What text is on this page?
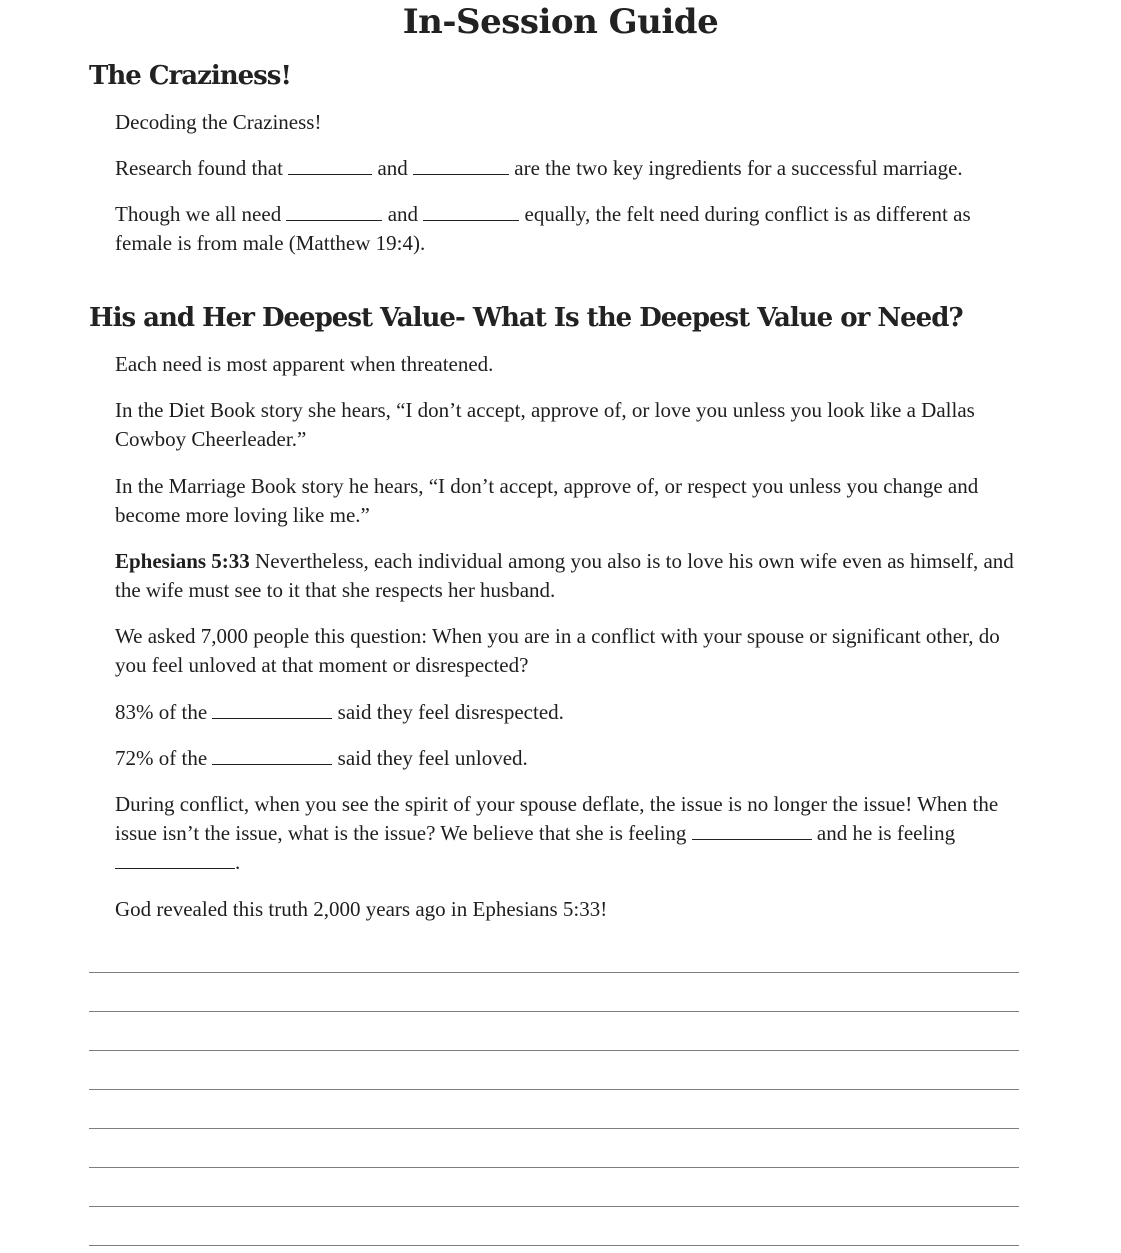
In-Session Guide
The Craziness!
Decoding the Craziness!
Research found that	and	are the two key ingredients for a successful marriage.
Though we all need	and	equally, the felt need during conflict is as different as female is from male (Matthew 19:4).
His and Her Deepest Value- What Is the Deepest Value or Need?
Each need is most apparent when threatened.
In the Diet Book story she hears, “I don’t accept, approve of, or love you unless you look like a Dallas Cowboy Cheerleader.”
In the Marriage Book story he hears, “I don’t accept, approve of, or respect you unless you change and become more loving like me.”
Ephesians 5:33 Nevertheless, each individual among you also is to love his own wife even as himself, and the wife must see to it that she respects her husband.
We asked 7,000 people this question: When you are in a conflict with your spouse or significant other, do you feel unloved at that moment or disrespected?
83% of the	said they feel disrespected.
72% of the	said they feel unloved.
During conflict, when you see the spirit of your spouse deflate, the issue is no longer the issue! When the issue isn’t the issue, what is the issue? We believe that she is feeling	and he is feeling .
God revealed this truth 2,000 years ago in Ephesians 5:33!
